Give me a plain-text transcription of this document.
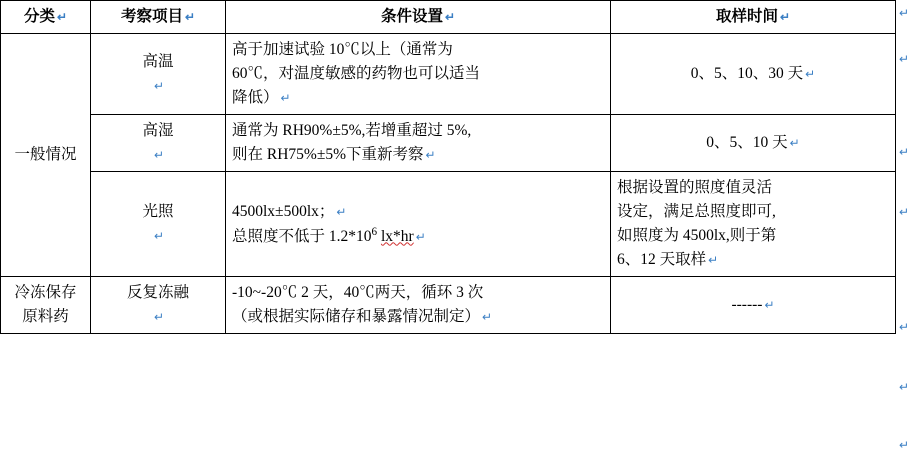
分类 ↵	考察项目 ↵	条件设置 ↵	取样时间 ↵

一般情况	高温
↵	高于加速试验 10℃以上（通常为
60℃，对温度敏感的药物也可以适当
降低） ↵	0、5、10、30 天 ↵

	高湿
↵	通常为 RH90%±5%,若增重超过 5%,
则在 RH75%±5%下重新考察 ↵	0、5、10 天 ↵

	光照
↵	4500lx±500lx； ↵
总照度不低于 $1.2*10^6$ lx*hr ↵	根据设置的照度值灵活
设定，满足总照度即可,
如照度为 4500lx,则于第
6、12 天取样 ↵

冷冻保存原料药	反复冻融
↵	-10~-20℃ 2 天，40℃两天，循环 3 次
（或根据实际储存和暴露情况制定） ↵	------ ↵
↵
↵
↵
↵
↵
↵
↵
